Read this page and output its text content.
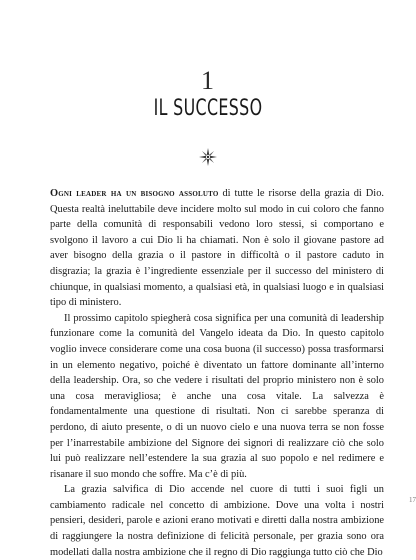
1
IL SUCCESSO

Ogni leader ha un bisogno assoluto di tutte le risorse della grazia di Dio. Questa realtà ineluttabile deve incidere molto sul modo in cui coloro che fanno parte della comunità di responsabili vedono loro stessi, si comportano e svolgono il lavoro a cui Dio li ha chiamati. Non è solo il giovane pastore ad aver bisogno della grazia o il pastore in difficoltà o il pastore caduto in disgrazia; la grazia è l’ingrediente essenziale per il successo del ministero di chiunque, in qualsiasi momento, a qualsiasi età, in qualsiasi luogo e in qualsiasi tipo di ministero.

Il prossimo capitolo spiegherà cosa significa per una comunità di leadership funzionare come la comunità del Vangelo ideata da Dio. In questo capitolo voglio invece considerare come una cosa buona (il successo) possa trasformarsi in un elemento negativo, poiché è diventato un fattore dominante all’interno della leadership. Ora, so che vedere i risultati del proprio ministero non è solo una cosa meravigliosa; è anche una cosa vitale. La salvezza è fondamentalmente una questione di risultati. Non ci sarebbe speranza di perdono, di aiuto presente, o di un nuovo cielo e una nuova terra se non fosse per l’inarrestabile ambizione del Signore dei signori di realizzare ciò che solo lui può realizzare nell’estendere la sua grazia al suo popolo e nel redimere e risanare il suo mondo che soffre. Ma c’è di più.

La grazia salvifica di Dio accende nel cuore di tutti i suoi figli un cambiamento radicale nel concetto di ambizione. Dove una volta i nostri pensieri, desideri, parole e azioni erano motivati e diretti dalla nostra ambizione di raggiungere la nostra definizione di felicità personale, per grazia sono ora modellati dalla nostra ambizione che il regno di Dio raggiunga tutto ciò che Dio

17
